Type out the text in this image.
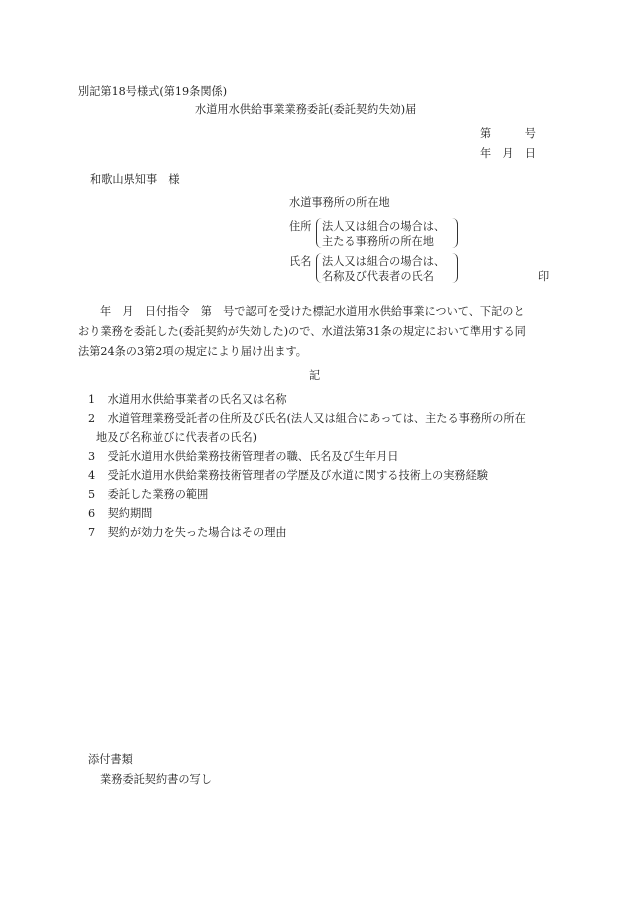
別記第18号様式(第19条関係)
水道用水供給事業業務委託(委託契約失効)届
第　　　号
年　月　日
和歌山県知事　様
水道事務所の所在地
住所 法人又は組合の場合は、
主たる事務所の所在地
氏名 法人又は組合の場合は、
名称及び代表者の氏名	印
年　月　日付指令　第　号で認可を受けた標記水道用水供給事業について、下記のと
おり業務を委託した(委託契約が失効した)ので、水道法第31条の規定において準用する同
法第24条の3第2項の規定により届け出ます。
記
1 水道用水供給事業者の氏名又は名称
2 水道管理業務受託者の住所及び氏名(法人又は組合にあっては、主たる事務所の所在
地及び名称並びに代表者の氏名)
3 受託水道用水供給業務技術管理者の職、氏名及び生年月日
4 受託水道用水供給業務技術管理者の学歴及び水道に関する技術上の実務経験
5 委託した業務の範囲
6 契約期間
7 契約が効力を失った場合はその理由
添付書類
業務委託契約書の写し
